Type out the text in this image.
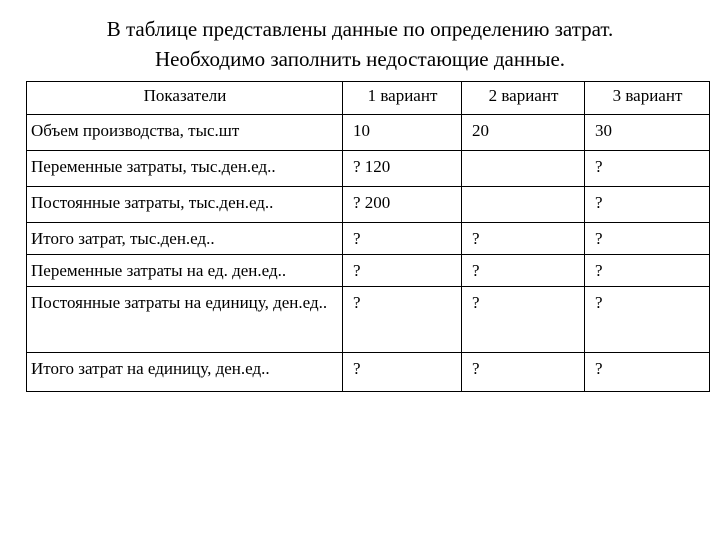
В таблице представлены данные по определению затрат.
Необходимо заполнить недостающие данные.
Показатели	1 вариант	2 вариант	3 вариант
Объем производства, тыс.шт	10	20	30
Переменные затраты, тыс.ден.ед..	? 120		?
Постоянные затраты, тыс.ден.ед..	? 200		?
Итого затрат, тыс.ден.ед..	?	?	?
Переменные затраты на ед. ден.ед..	?	?	?
Постоянные затраты на единицу, ден.ед..	?	?	?
Итого затрат на единицу, ден.ед..	?	?	?
